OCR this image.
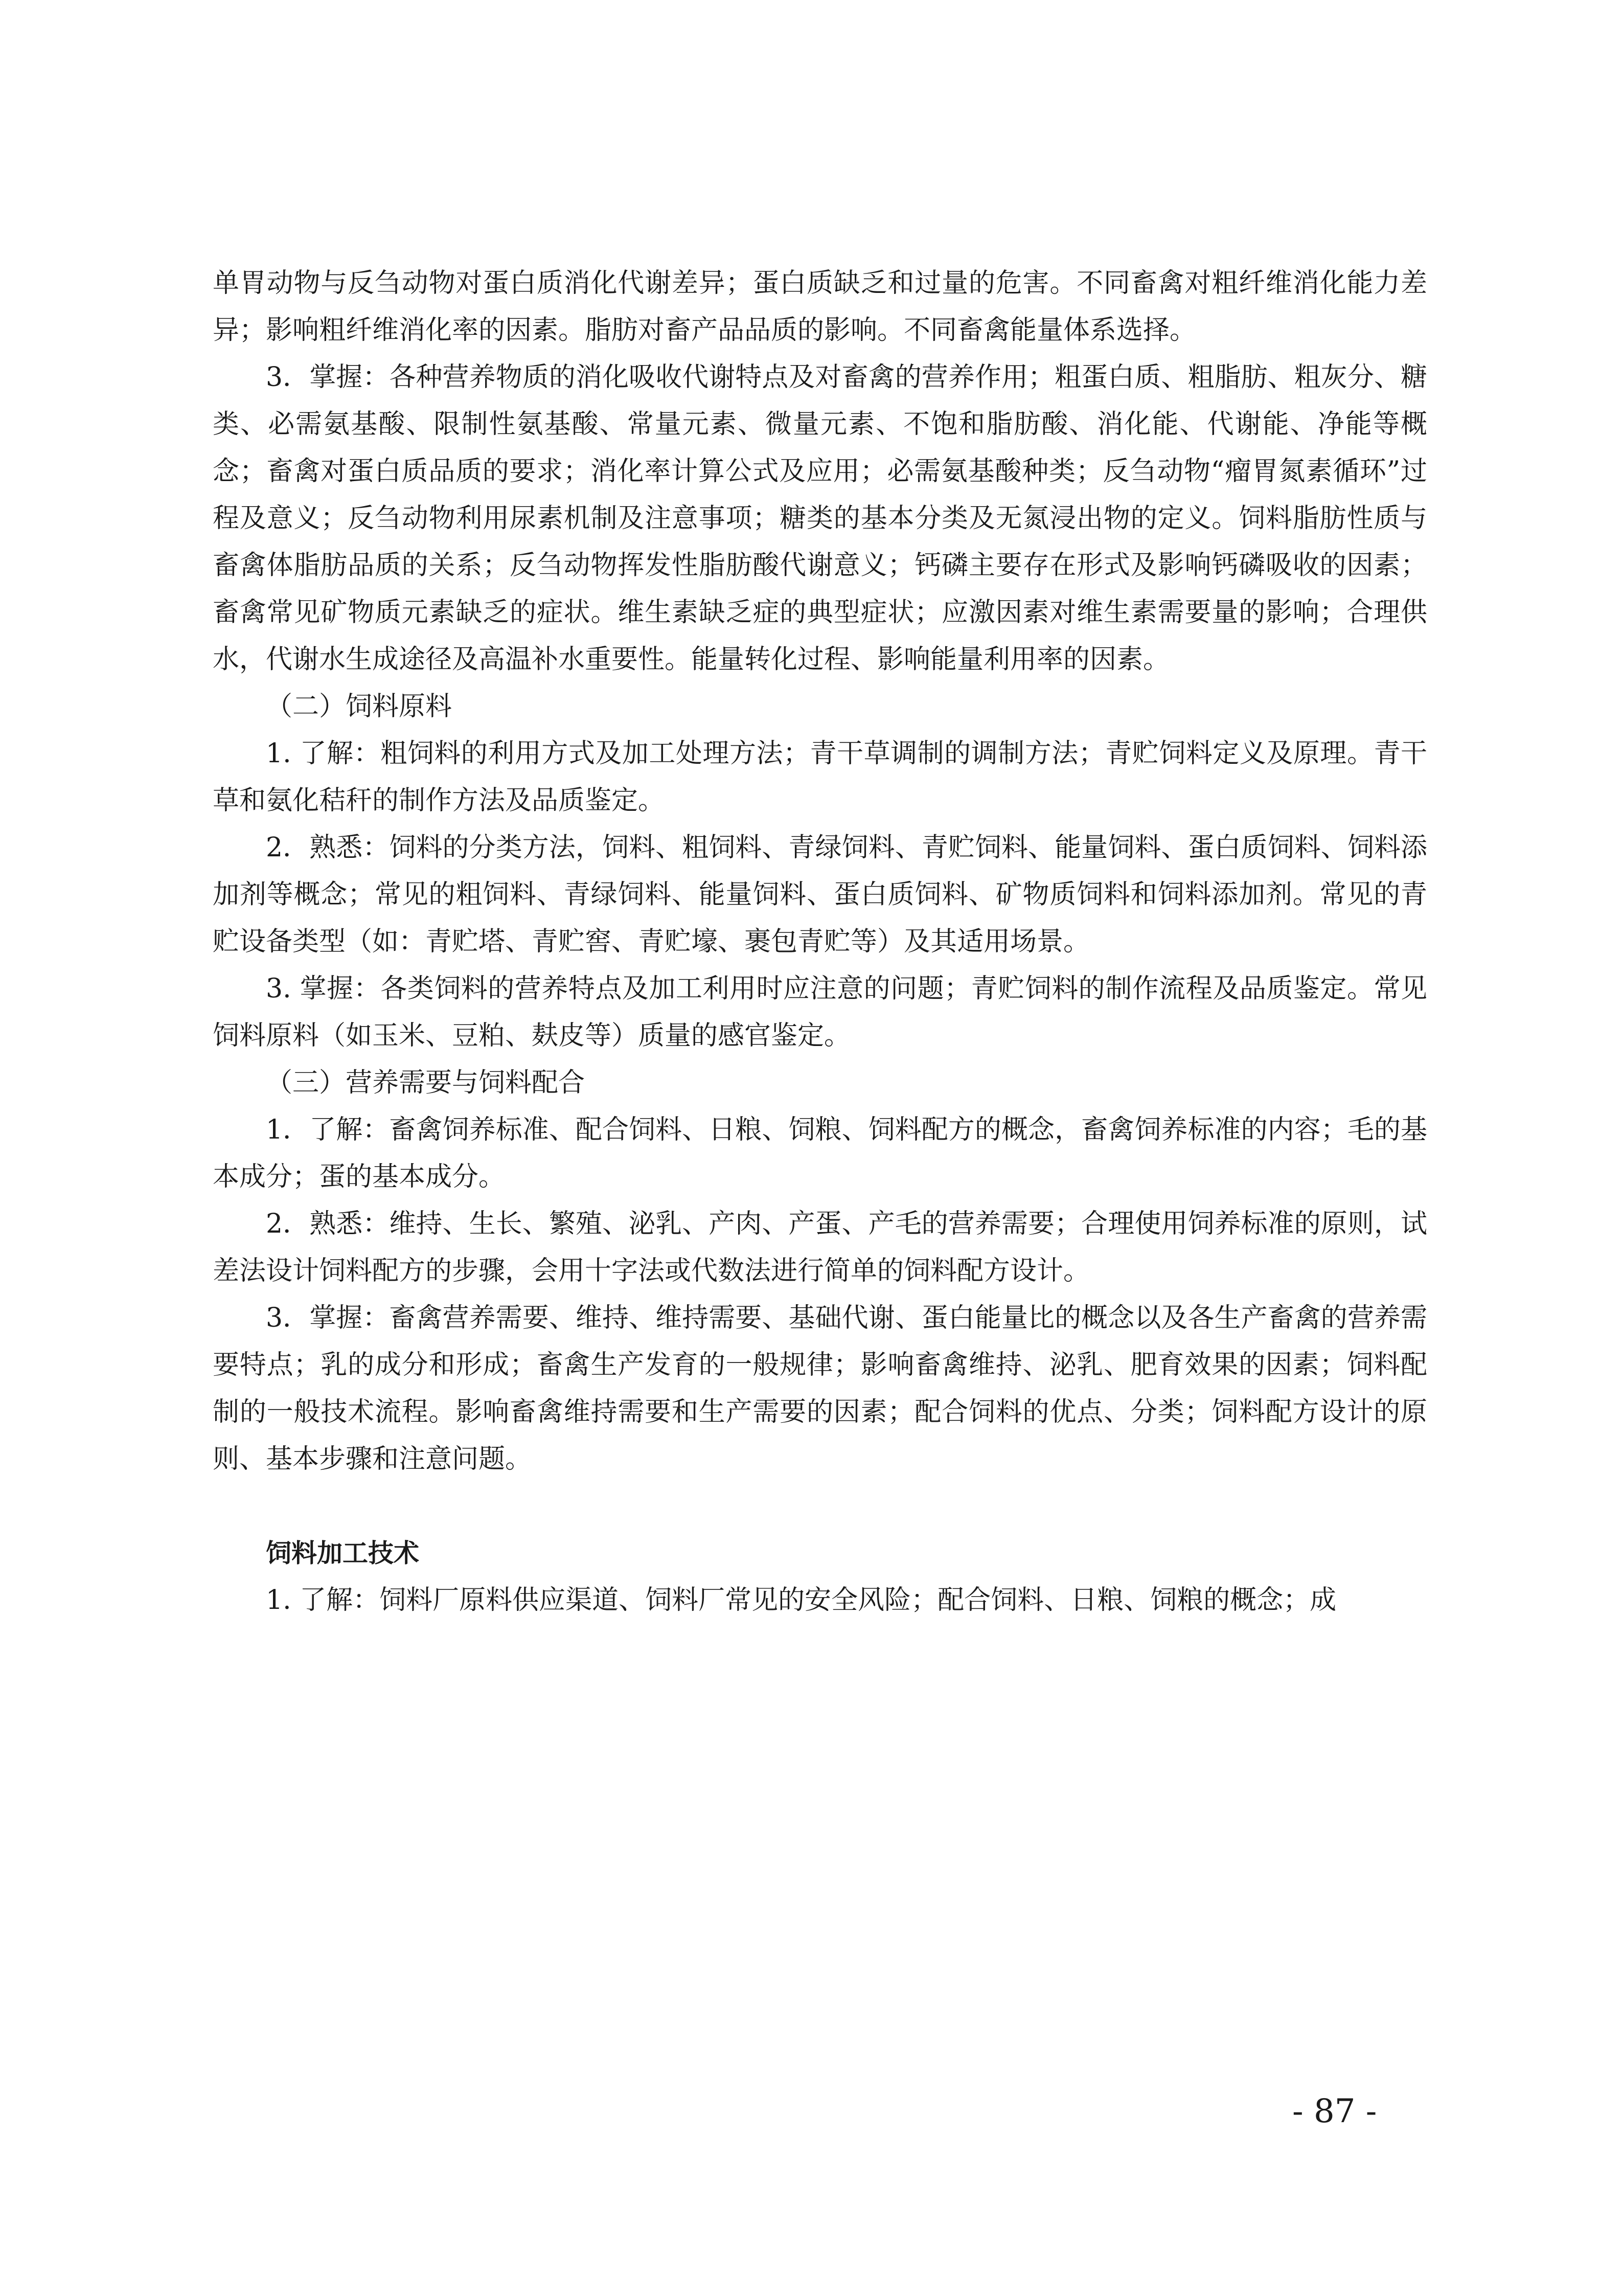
单胃动物与反刍动物对蛋白质消化代谢差异；蛋白质缺乏和过量的危害。不同畜禽对粗纤维消化能力差异；影响粗纤维消化率的因素。脂肪对畜产品品质的影响。不同畜禽能量体系选择。

3．掌握：各种营养物质的消化吸收代谢特点及对畜禽的营养作用；粗蛋白质、粗脂肪、粗灰分、糖类、必需氨基酸、限制性氨基酸、常量元素、微量元素、不饱和脂肪酸、消化能、代谢能、净能等概念；畜禽对蛋白质品质的要求；消化率计算公式及应用；必需氨基酸种类；反刍动物“瘤胃氮素循环”过程及意义；反刍动物利用尿素机制及注意事项；糖类的基本分类及无氮浸出物的定义。饲料脂肪性质与畜禽体脂肪品质的关系；反刍动物挥发性脂肪酸代谢意义；钙磷主要存在形式及影响钙磷吸收的因素；畜禽常见矿物质元素缺乏的症状。维生素缺乏症的典型症状；应激因素对维生素需要量的影响；合理供水，代谢水生成途径及高温补水重要性。能量转化过程、影响能量利用率的因素。

（二）饲料原料

1. 了解：粗饲料的利用方式及加工处理方法；青干草调制的调制方法；青贮饲料定义及原理。青干草和氨化秸秆的制作方法及品质鉴定。

2．熟悉：饲料的分类方法，饲料、粗饲料、青绿饲料、青贮饲料、能量饲料、蛋白质饲料、饲料添加剂等概念；常见的粗饲料、青绿饲料、能量饲料、蛋白质饲料、矿物质饲料和饲料添加剂。常见的青贮设备类型（如：青贮塔、青贮窖、青贮壕、裹包青贮等）及其适用场景。

3. 掌握：各类饲料的营养特点及加工利用时应注意的问题；青贮饲料的制作流程及品质鉴定。常见饲料原料（如玉米、豆粕、麸皮等）质量的感官鉴定。

（三）营养需要与饲料配合

1．了解：畜禽饲养标准、配合饲料、日粮、饲粮、饲料配方的概念，畜禽饲养标准的内容；毛的基本成分；蛋的基本成分。

2．熟悉：维持、生长、繁殖、泌乳、产肉、产蛋、产毛的营养需要；合理使用饲养标准的原则，试差法设计饲料配方的步骤，会用十字法或代数法进行简单的饲料配方设计。

3．掌握：畜禽营养需要、维持、维持需要、基础代谢、蛋白能量比的概念以及各生产畜禽的营养需要特点；乳的成分和形成；畜禽生产发育的一般规律；影响畜禽维持、泌乳、肥育效果的因素；饲料配制的一般技术流程。影响畜禽维持需要和生产需要的因素；配合饲料的优点、分类；饲料配方设计的原则、基本步骤和注意问题。

饲料加工技术

1. 了解：饲料厂原料供应渠道、饲料厂常见的安全风险；配合饲料、日粮、饲粮的概念；成

- 87 -
